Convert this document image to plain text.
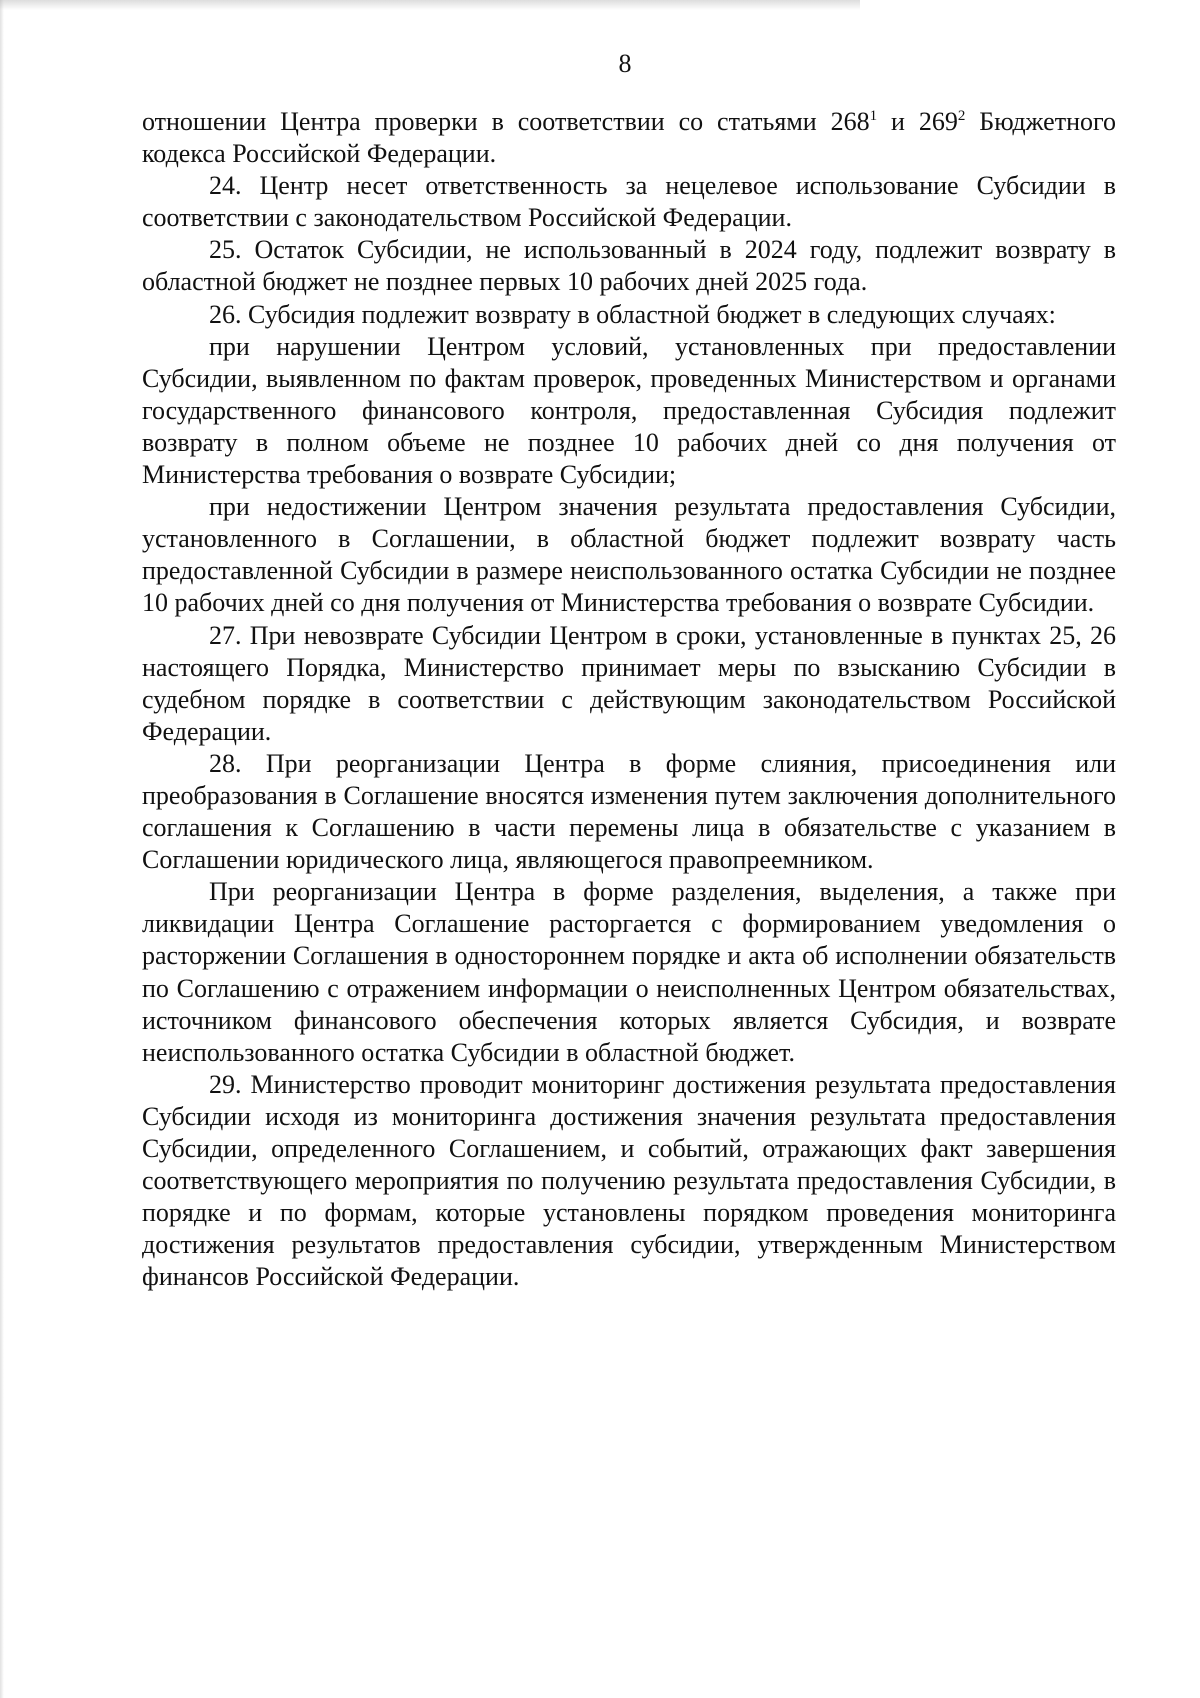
8

отношении Центра проверки в соответствии со статьями $268^1$ и $269^2$ Бюджетного кодекса Российской Федерации.

24. Центр несет ответственность за нецелевое использование Субсидии в соответствии с законодательством Российской Федерации.

25. Остаток Субсидии, не использованный в 2024 году, подлежит возврату в областной бюджет не позднее первых 10 рабочих дней 2025 года.

26. Субсидия подлежит возврату в областной бюджет в следующих случаях:

при нарушении Центром условий, установленных при предоставлении Субсидии, выявленном по фактам проверок, проведенных Министерством и органами государственного финансового контроля, предоставленная Субсидия подлежит возврату в полном объеме не позднее 10 рабочих дней со дня получения от Министерства требования о возврате Субсидии;

при недостижении Центром значения результата предоставления Субсидии, установленного в Соглашении, в областной бюджет подлежит возврату часть предоставленной Субсидии в размере неиспользованного остатка Субсидии не позднее 10 рабочих дней со дня получения от Министерства требования о возврате Субсидии.

27. При невозврате Субсидии Центром в сроки, установленные в пунктах 25, 26 настоящего Порядка, Министерство принимает меры по взысканию Субсидии в судебном порядке в соответствии с действующим законодательством Российской Федерации.

28. При реорганизации Центра в форме слияния, присоединения или преобразования в Соглашение вносятся изменения путем заключения дополнительного соглашения к Соглашению в части перемены лица в обязательстве с указанием в Соглашении юридического лица, являющегося правопреемником.

При реорганизации Центра в форме разделения, выделения, а также при ликвидации Центра Соглашение расторгается с формированием уведомления о расторжении Соглашения в одностороннем порядке и акта об исполнении обязательств по Соглашению с отражением информации о неисполненных Центром обязательствах, источником финансового обеспечения которых является Субсидия, и возврате неиспользованного остатка Субсидии в областной бюджет.

29. Министерство проводит мониторинг достижения результата предоставления Субсидии исходя из мониторинга достижения значения результата предоставления Субсидии, определенного Соглашением, и событий, отражающих факт завершения соответствующего мероприятия по получению результата предоставления Субсидии, в порядке и по формам, которые установлены порядком проведения мониторинга достижения результатов предоставления субсидии, утвержденным Министерством финансов Российской Федерации.
